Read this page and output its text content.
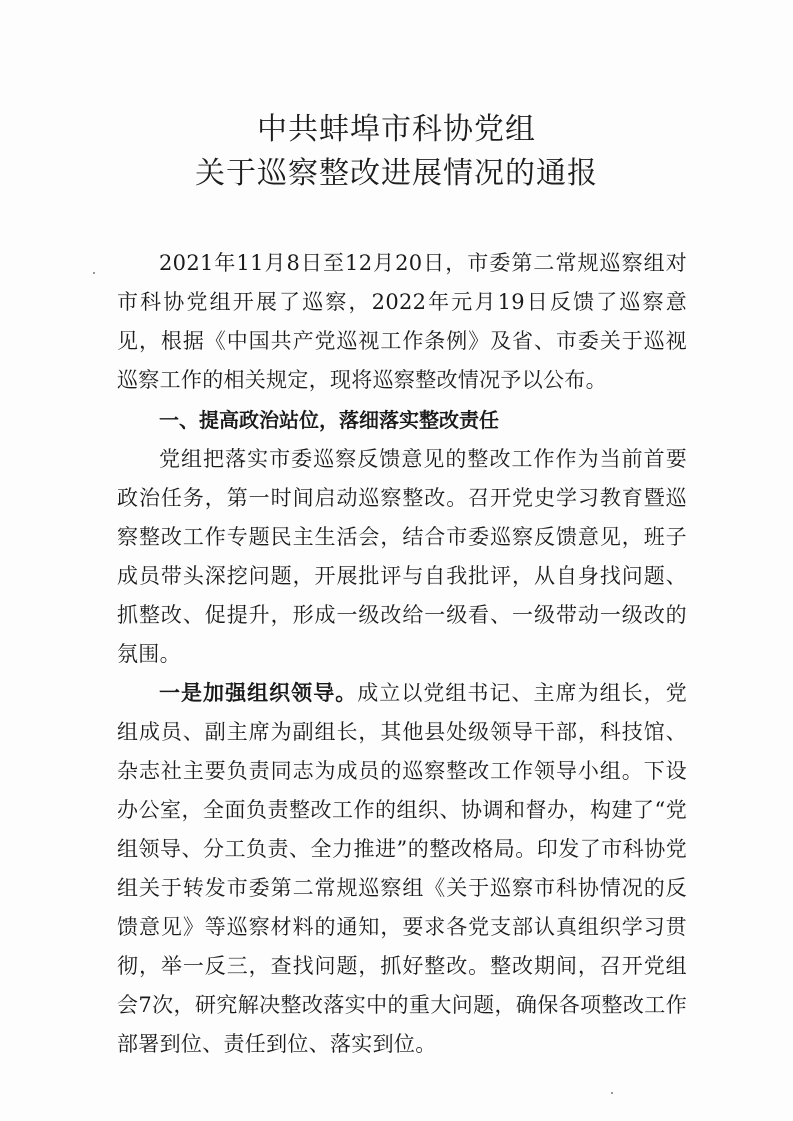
中共蚌埠市科协党组
关于巡察整改进展情况的通报

2021年11月8日至12月20日，市委第二常规巡察组对市科协党组开展了巡察，2022年元月19日反馈了巡察意见，根据《中国共产党巡视工作条例》及省、市委关于巡视巡察工作的相关规定，现将巡察整改情况予以公布。

一、提高政治站位，落细落实整改责任

党组把落实市委巡察反馈意见的整改工作作为当前首要政治任务，第一时间启动巡察整改。召开党史学习教育暨巡察整改工作专题民主生活会，结合市委巡察反馈意见，班子成员带头深挖问题，开展批评与自我批评，从自身找问题、抓整改、促提升，形成一级改给一级看、一级带动一级改的氛围。

一是加强组织领导。成立以党组书记、主席为组长，党组成员、副主席为副组长，其他县处级领导干部，科技馆、杂志社主要负责同志为成员的巡察整改工作领导小组。下设办公室，全面负责整改工作的组织、协调和督办，构建了“党组领导、分工负责、全力推进”的整改格局。印发了市科协党组关于转发市委第二常规巡察组《关于巡察市科协情况的反馈意见》等巡察材料的通知，要求各党支部认真组织学习贯彻，举一反三，查找问题，抓好整改。整改期间，召开党组会7次，研究解决整改落实中的重大问题，确保各项整改工作部署到位、责任到位、落实到位。
